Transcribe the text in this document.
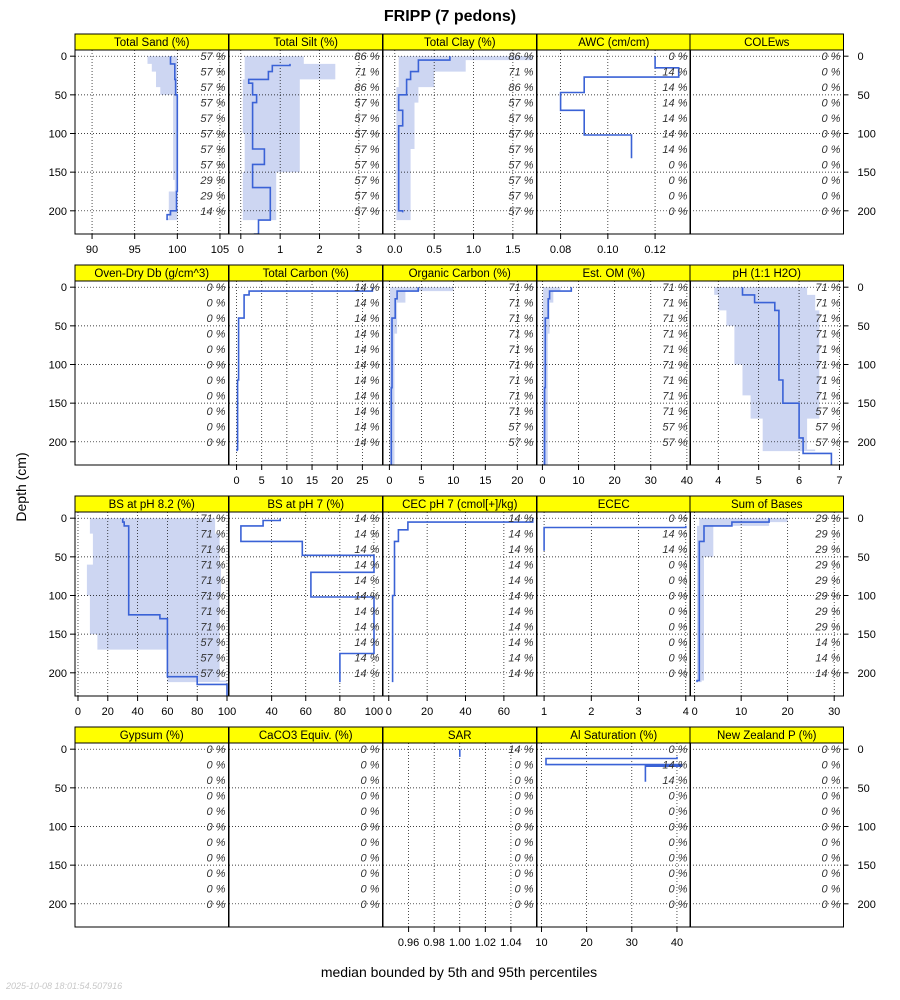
FRIPP (7 pedons)
Total Sand (%)
57 %
57 %
57 %
57 %
57 %
57 %
57 %
57 %
29 %
29 %
14 %
90	95 100 105
0
50
100
150
200
Total Silt (%)
86 %
71 %
86 %
57 %
57 %
57 %
57 %
57 %
57 %
57 %
57 %
0	1	2	3
Total Clay (%)
86 %
71 %
86 %
57 %
57 %
57 %
57 %
57 %
57 %
57 %
57 %
0.0 0.5 1.0 1.5
AWC (cm/cm)
0 %
14 %
14 %
14 %
14 %
14 %
14 %
0 %
0 %
0 %
0 %
0.08 0.10 0.12
COLEws
0 %
0 %
0 %
0 %
0 %
0 %
0 %
0 %
0 %
0 %
0 %
0
50
100
150
200
Oven-Dry Db (g/cm^3)
0 %
0 %
0 %
0 %
0 %
0 %
0 %
0 %
0 %
0 %
0 %
0
50
100
150
200
Total Carbon (%)
14 %
14 %
14 %
14 %
14 %
14 %
14 %
14 %
14 %
14 %
14 %
0 5 10 15 20 25
Organic Carbon (%)
71 %
71 %
71 %
71 %
71 %
71 %
71 %
71 %
71 %
57 %
57 %
0 5 10 15 20
Est. OM (%)
71 %
71 %
71 %
71 %
71 %
71 %
71 %
71 %
71 %
57 %
57 %
0 10 20 30 40
pH (1:1 H2O)
71 %
71 %
71 %
71 %
71 %
71 %
71 %
71 %
57 %
57 %
57 %
4	5	6	7
0
50
100
150
200
BS at pH 8.2 (%)
71 %
71 %
71 %
71 %
71 %
71 %
71 %
71 %
57 %
57 %
57 %
0 20 40 60 80 100
0
50
100
150
200
BS at pH 7 (%)
14 %
14 %
14 %
14 %
14 %
14 %
14 %
14 %
14 %
14 %
14 %
40 60 80 100
CEC pH 7 (cmol[+]/kg)
14 %
14 %
14 %
14 %
14 %
14 %
14 %
14 %
14 %
14 %
14 %
0	20 40 60
ECEC
0 %
14 %
14 %
0 %
0 %
0 %
0 %
0 %
0 %
0 %
0 %
1	2	3	4
Sum of Bases
29 %
29 %
29 %
29 %
29 %
29 %
29 %
29 %
14 %
14 %
14 %
0	10	20	30
0
50
100
150
200
Gypsum (%)
0 %
0 %
0 %
0 %
0 %
0 %
0 %
0 %
0 %
0 %
0 %
0
50
100
150
200
CaCO3 Equiv. (%)
0 %
0 %
0 %
0 %
0 %
0 %
0 %
0 %
0 %
0 %
0 %
SAR
14 %
0 %
0 %
0 %
0 %
0 %
0 %
0 %
0 %
0 %
0 %
0.96 0.98 1.00 1.02 1.04
Al Saturation (%)
0 %
14 %
14 %
0 %
0 %
0 %
0 %
0 %
0 %
0 %
0 %
10	20	30	40
New Zealand P (%)
0 %
0 %
0 %
0 %
0 %
0 %
0 %
0 %
0 %
0 %
0 %
0
50
100
150
200
Depth (cm)
median bounded by 5th and 95th percentiles
2025-10-08 18:01:54.507916
